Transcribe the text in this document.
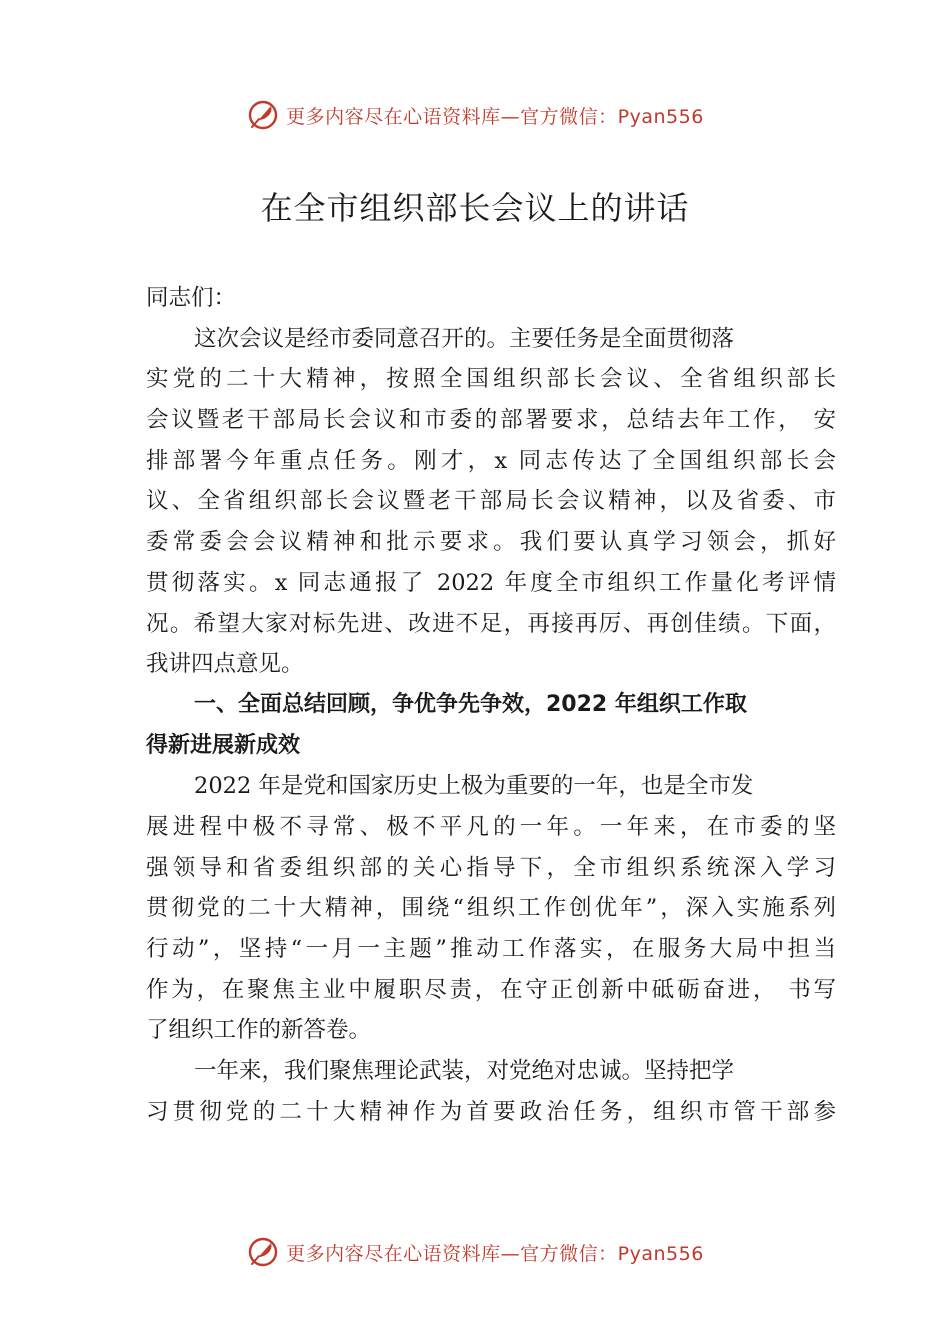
更多内容尽在心语资料库—官方微信：Pyan556
在全市组织部长会议上的讲话
同志们：
这次会议是经市委同意召开的。主要任务是全面贯彻落
实党的二十大精神，按照全国组织部长会议、全省组织部长
会议暨老干部局长会议和市委的部署要求，总结去年工作， 安
排部署今年重点任务。刚才，x 同志传达了全国组织部长会
议、全省组织部长会议暨老干部局长会议精神，以及省委、市
委常委会会议精神和批示要求。我们要认真学习领会，抓好
贯彻落实。x 同志通报了 2022 年度全市组织工作量化考评情
况。希望大家对标先进、改进不足，再接再厉、再创佳绩。下面，
我讲四点意见。
一、全面总结回顾，争优争先争效，2022 年组织工作取
得新进展新成效
2022 年是党和国家历史上极为重要的一年，也是全市发
展进程中极不寻常、极不平凡的一年。一年来，在市委的坚
强领导和省委组织部的关心指导下，全市组织系统深入学习
贯彻党的二十大精神，围绕“组织工作创优年”，深入实施系列
行动”，坚持“一月一主题”推动工作落实，在服务大局中担当
作为，在聚焦主业中履职尽责，在守正创新中砥砺奋进， 书写
了组织工作的新答卷。
一年来，我们聚焦理论武装，对党绝对忠诚。坚持把学
习贯彻党的二十大精神作为首要政治任务，组织市管干部参
更多内容尽在心语资料库—官方微信：Pyan556
